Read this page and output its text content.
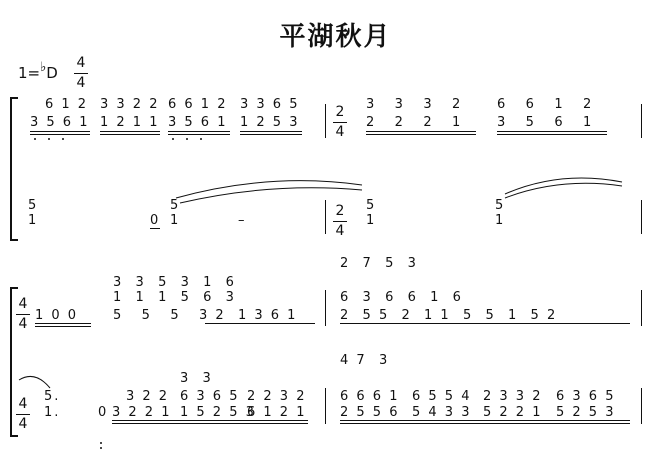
平湖秋月
1=♭D
4
4
6 1 2 3 3 2 2 6 6 1 2 3 3 6 5	3   3   3   2	6   6   1   2
3 5 6 1 1 2 1 1 3 5 6 1 1 2 5 3	2   2   2   1	3   5   6   1
2
4
5
1	0
5
1	–
5
1
5
1
2
4
4
4
4
4
3  3  5  3  1  6
2  7  5  3
1  1  1  5  6  3	6  3  6  6  1  6
1 0 0	5   5   5   3 2  1 3 6 1	2  5 5  2  1 1  5  5  1  5 2
3  3
4 7  3
3 2 2 6 3 6 5 2 2 3 2	6 6 6 1 6 5 5 4 2 3 3 2 6 3 6 5
3 2 2 1 1 5 2 5 3
6 1 2 1	2 5 5 6 5 4 3 3 5 2 2 1 5 2 5 3
5.
1.	0
